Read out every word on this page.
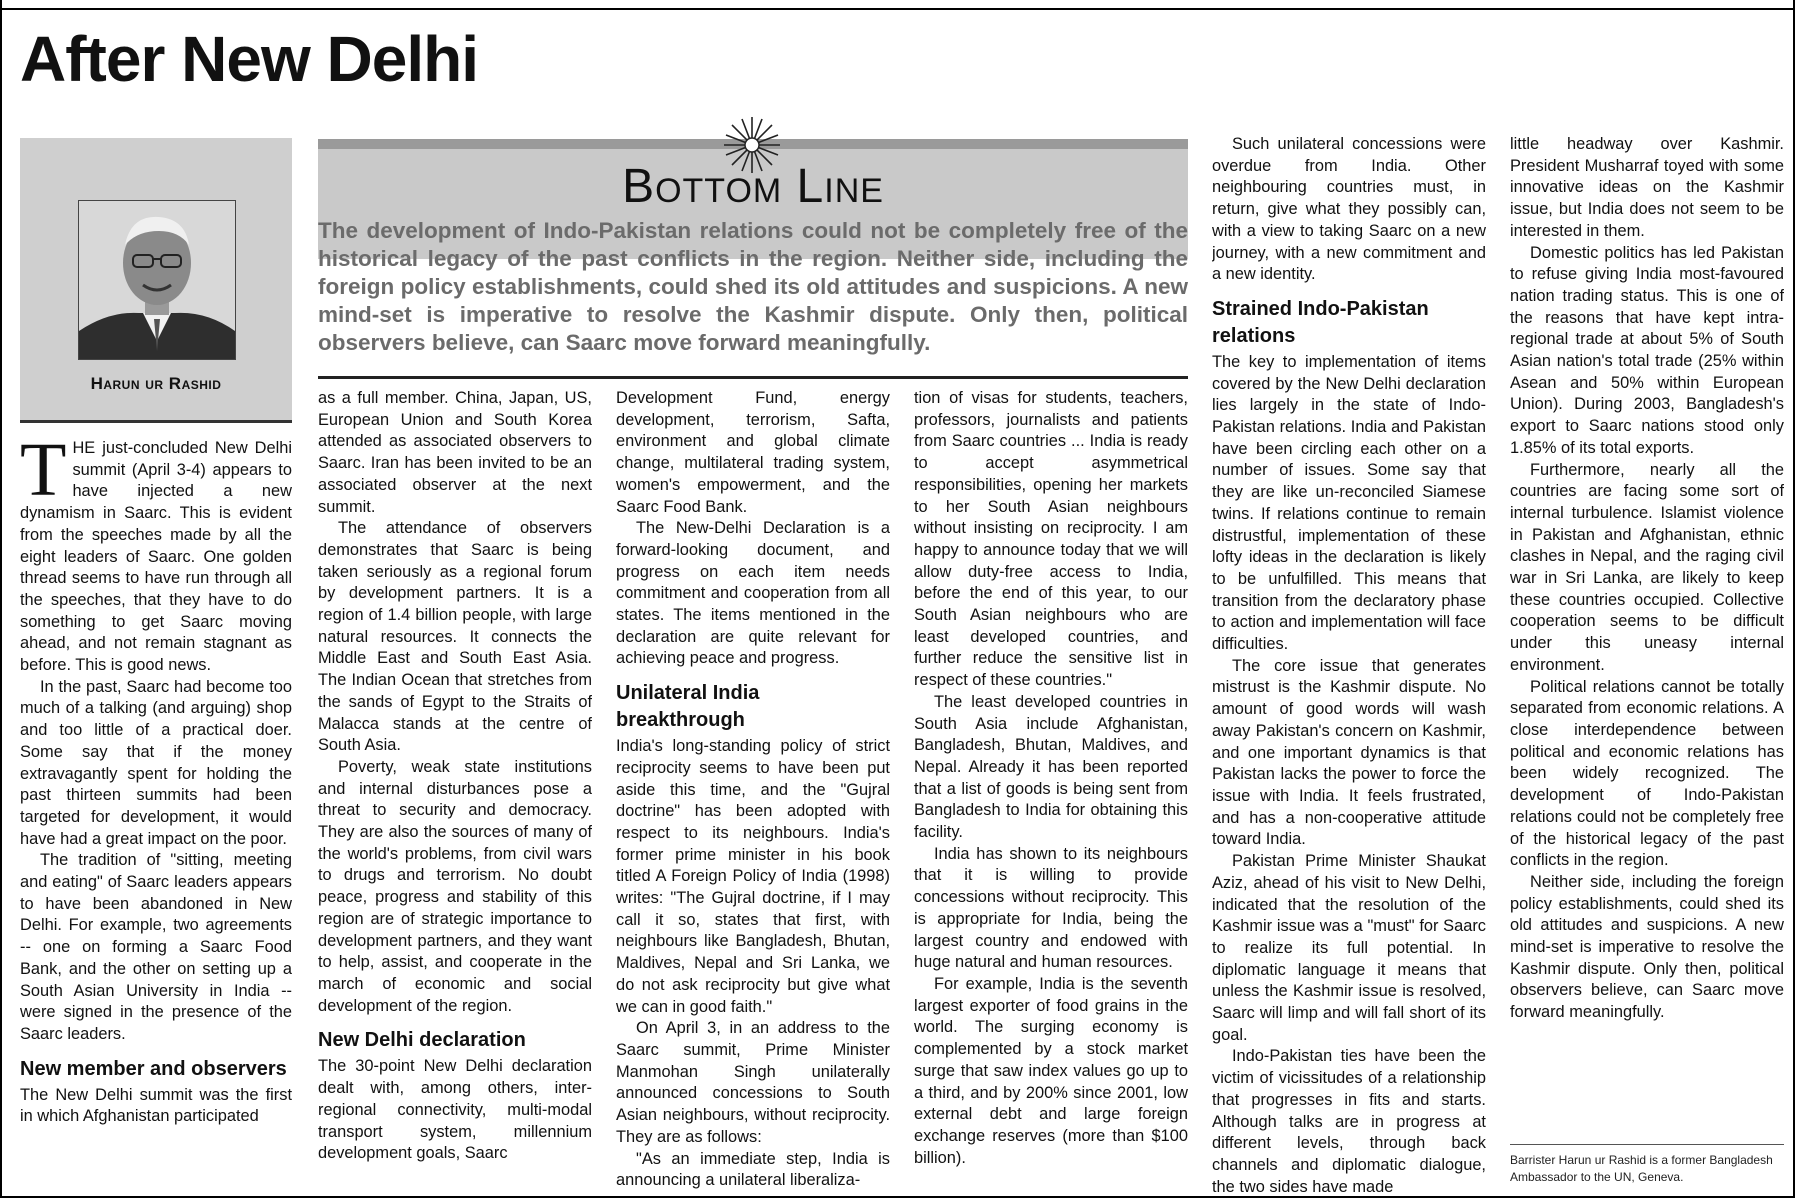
After New Delhi
Harun ur Rashid
Bottom Line

The development of Indo-Pakistan relations could not be completely free of the historical legacy of the past conflicts in the region. Neither side, including the foreign policy establishments, could shed its old attitudes and suspicions. A new mind-set is imperative to resolve the Kashmir dispute. Only then, political observers believe, can Saarc move forward meaningfully.

THE just-concluded New Delhi summit (April 3-4) appears to have injected a new dynamism in Saarc. This is evident from the speeches made by all the eight leaders of Saarc. One golden thread seems to have run through all the speeches, that they have to do something to get Saarc moving ahead, and not remain stagnant as before. This is good news.

In the past, Saarc had become too much of a talking (and arguing) shop and too little of a practical doer. Some say that if the money extravagantly spent for holding the past thirteen summits had been targeted for development, it would have had a great impact on the poor.

The tradition of "sitting, meeting and eating" of Saarc leaders appears to have been abandoned in New Delhi. For example, two agreements -- one on forming a Saarc Food Bank, and the other on setting up a South Asian University in India -- were signed in the presence of the Saarc leaders.

New member and observers

The New Delhi summit was the first in which Afghanistan participated

as a full member. China, Japan, US, European Union and South Korea attended as associated observers to Saarc. Iran has been invited to be an associated observer at the next summit.

The attendance of observers demonstrates that Saarc is being taken seriously as a regional forum by development partners. It is a region of 1.4 billion people, with large natural resources. It connects the Middle East and South East Asia. The Indian Ocean that stretches from the sands of Egypt to the Straits of Malacca stands at the centre of South Asia.

Poverty, weak state institutions and internal disturbances pose a threat to security and democracy. They are also the sources of many of the world's problems, from civil wars to drugs and terrorism. No doubt peace, progress and stability of this region are of strategic importance to development partners, and they want to help, assist, and cooperate in the march of economic and social development of the region.

New Delhi declaration

The 30-point New Delhi declaration dealt with, among others, inter-regional connectivity, multi-modal transport system, millennium development goals, Saarc

Development Fund, energy development, terrorism, Safta, environment and global climate change, multilateral trading system, women's empowerment, and the Saarc Food Bank.

The New-Delhi Declaration is a forward-looking document, and progress on each item needs commitment and cooperation from all states. The items mentioned in the declaration are quite relevant for achieving peace and progress.

Unilateral India breakthrough

India's long-standing policy of strict reciprocity seems to have been put aside this time, and the "Gujral doctrine" has been adopted with respect to its neighbours. India's former prime minister in his book titled A Foreign Policy of India (1998) writes: "The Gujral doctrine, if I may call it so, states that first, with neighbours like Bangladesh, Bhutan, Maldives, Nepal and Sri Lanka, we do not ask reciprocity but give what we can in good faith."

On April 3, in an address to the Saarc summit, Prime Minister Manmohan Singh unilaterally announced concessions to South Asian neighbours, without reciprocity. They are as follows:

"As an immediate step, India is announcing a unilateral liberaliza-

tion of visas for students, teachers, professors, journalists and patients from Saarc countries ... India is ready to accept asymmetrical responsibilities, opening her markets to her South Asian neighbours without insisting on reciprocity. I am happy to announce today that we will allow duty-free access to India, before the end of this year, to our South Asian neighbours who are least developed countries, and further reduce the sensitive list in respect of these countries."

The least developed countries in South Asia include Afghanistan, Bangladesh, Bhutan, Maldives, and Nepal. Already it has been reported that a list of goods is being sent from Bangladesh to India for obtaining this facility.

India has shown to its neighbours that it is willing to provide concessions without reciprocity. This is appropriate for India, being the largest country and endowed with huge natural and human resources.

For example, India is the seventh largest exporter of food grains in the world. The surging economy is complemented by a stock market surge that saw index values go up to a third, and by 200% since 2001, low external debt and large foreign exchange reserves (more than $100 billion).

Such unilateral concessions were overdue from India. Other neighbouring countries must, in return, give what they possibly can, with a view to taking Saarc on a new journey, with a new commitment and a new identity.

Strained Indo-Pakistan relations

The key to implementation of items covered by the New Delhi declaration lies largely in the state of Indo-Pakistan relations. India and Pakistan have been circling each other on a number of issues. Some say that they are like un-reconciled Siamese twins. If relations continue to remain distrustful, implementation of these lofty ideas in the declaration is likely to be unfulfilled. This means that transition from the declaratory phase to action and implementation will face difficulties.

The core issue that generates mistrust is the Kashmir dispute. No amount of good words will wash away Pakistan's concern on Kashmir, and one important dynamics is that Pakistan lacks the power to force the issue with India. It feels frustrated, and has a non-cooperative attitude toward India.

Pakistan Prime Minister Shaukat Aziz, ahead of his visit to New Delhi, indicated that the resolution of the Kashmir issue was a "must" for Saarc to realize its full potential. In diplomatic language it means that unless the Kashmir issue is resolved, Saarc will limp and will fall short of its goal.

Indo-Pakistan ties have been the victim of vicissitudes of a relationship that progresses in fits and starts. Although talks are in progress at different levels, through back channels and diplomatic dialogue, the two sides have made

little headway over Kashmir. President Musharraf toyed with some innovative ideas on the Kashmir issue, but India does not seem to be interested in them.

Domestic politics has led Pakistan to refuse giving India most-favoured nation trading status. This is one of the reasons that have kept intra-regional trade at about 5% of South Asian nation's total trade (25% within Asean and 50% within European Union). During 2003, Bangladesh's export to Saarc nations stood only 1.85% of its total exports.

Furthermore, nearly all the countries are facing some sort of internal turbulence. Islamist violence in Pakistan and Afghanistan, ethnic clashes in Nepal, and the raging civil war in Sri Lanka, are likely to keep these countries occupied. Collective cooperation seems to be difficult under this uneasy internal environment.

Political relations cannot be totally separated from economic relations. A close interdependence between political and economic relations has been widely recognized. The development of Indo-Pakistan relations could not be completely free of the historical legacy of the past conflicts in the region.

Neither side, including the foreign policy establishments, could shed its old attitudes and suspicions. A new mind-set is imperative to resolve the Kashmir dispute. Only then, political observers believe, can Saarc move forward meaningfully.

Barrister Harun ur Rashid is a former Bangladesh Ambassador to the UN, Geneva.
